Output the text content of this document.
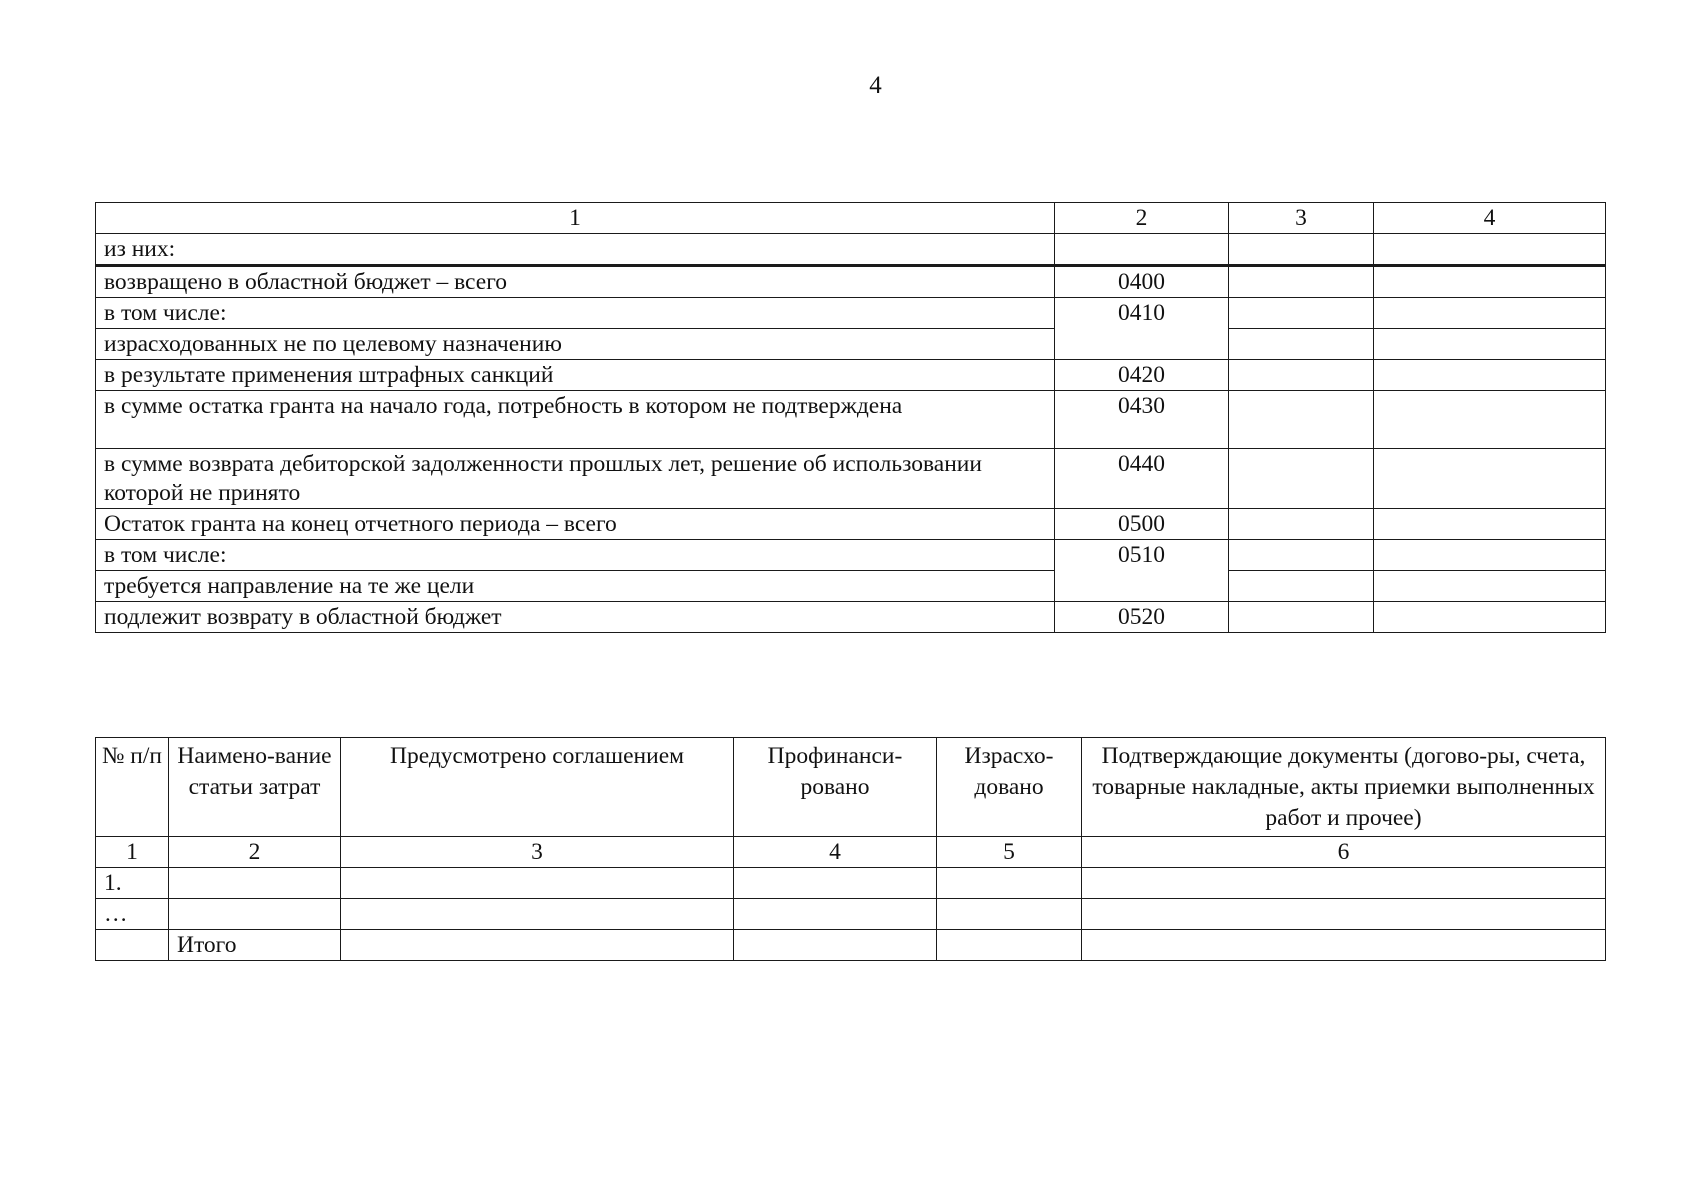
4
1	2	3	4
из них:			
возвращено в областной бюджет – всего	0400		
в том числе:	0410		
израсходованных не по целевому назначению			
в результате применения штрафных санкций	0420		
в сумме остатка гранта на начало года, потребность в котором не подтверждена	0430		
в сумме возврата дебиторской задолженности прошлых лет, решение об использовании которой не принято	0440		
Остаток гранта на конец отчетного периода – всего	0500		
в том числе:	0510		
требуется направление на те же цели			
подлежит возврату в областной бюджет	0520		
№ п/п	Наимено-вание статьи затрат	Предусмотрено соглашением	Профинанси-ровано	Израсхо-довано	Подтверждающие документы (догово-ры, счета, товарные накладные, акты приемки выполненных работ и прочее)
1	2	3	4	5	6
1.					
…					
	Итого				
